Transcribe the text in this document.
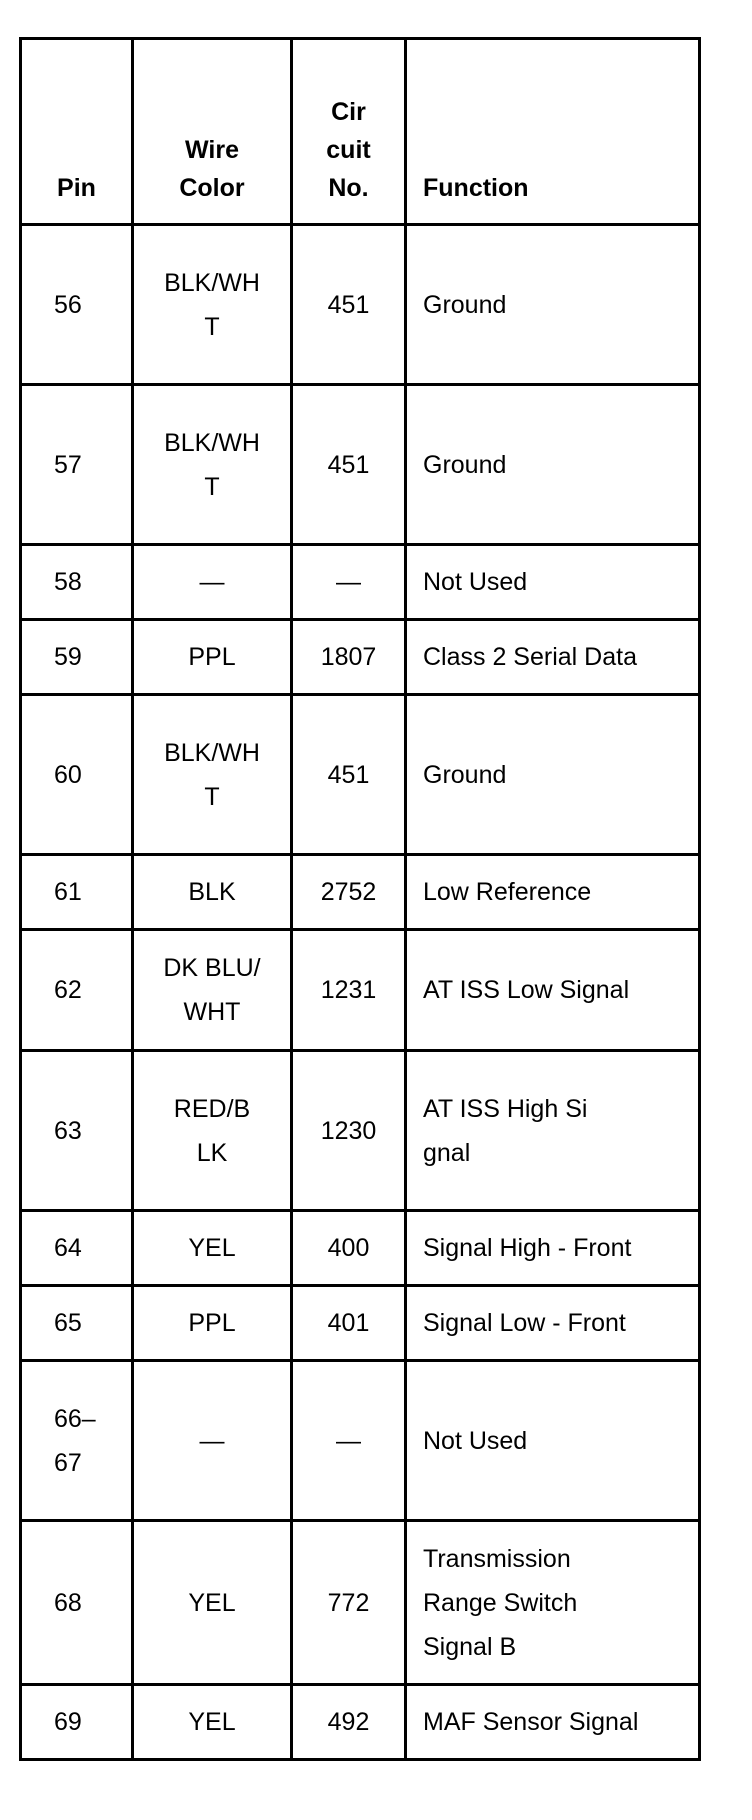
Pin	Wire Color	Cir cuit No.	Function
56	BLK/WHT	451	Ground
57	BLK/WHT	451	Ground
58	—	—	Not Used
59	PPL	1807	Class 2 Serial Data
60	BLK/WHT	451	Ground
61	BLK	2752	Low Reference
62	DK BLU/WHT	1231	AT ISS Low Signal
63	RED/BLK	1230	AT ISS High Signal

64	YEL	400	Signal High - Front
65	PPL	401	Signal Low - Front

66–67	—	—	Not Used
68	YEL	772	Transmission Range Switch Signal B

69	YEL	492	MAF Sensor Signal
